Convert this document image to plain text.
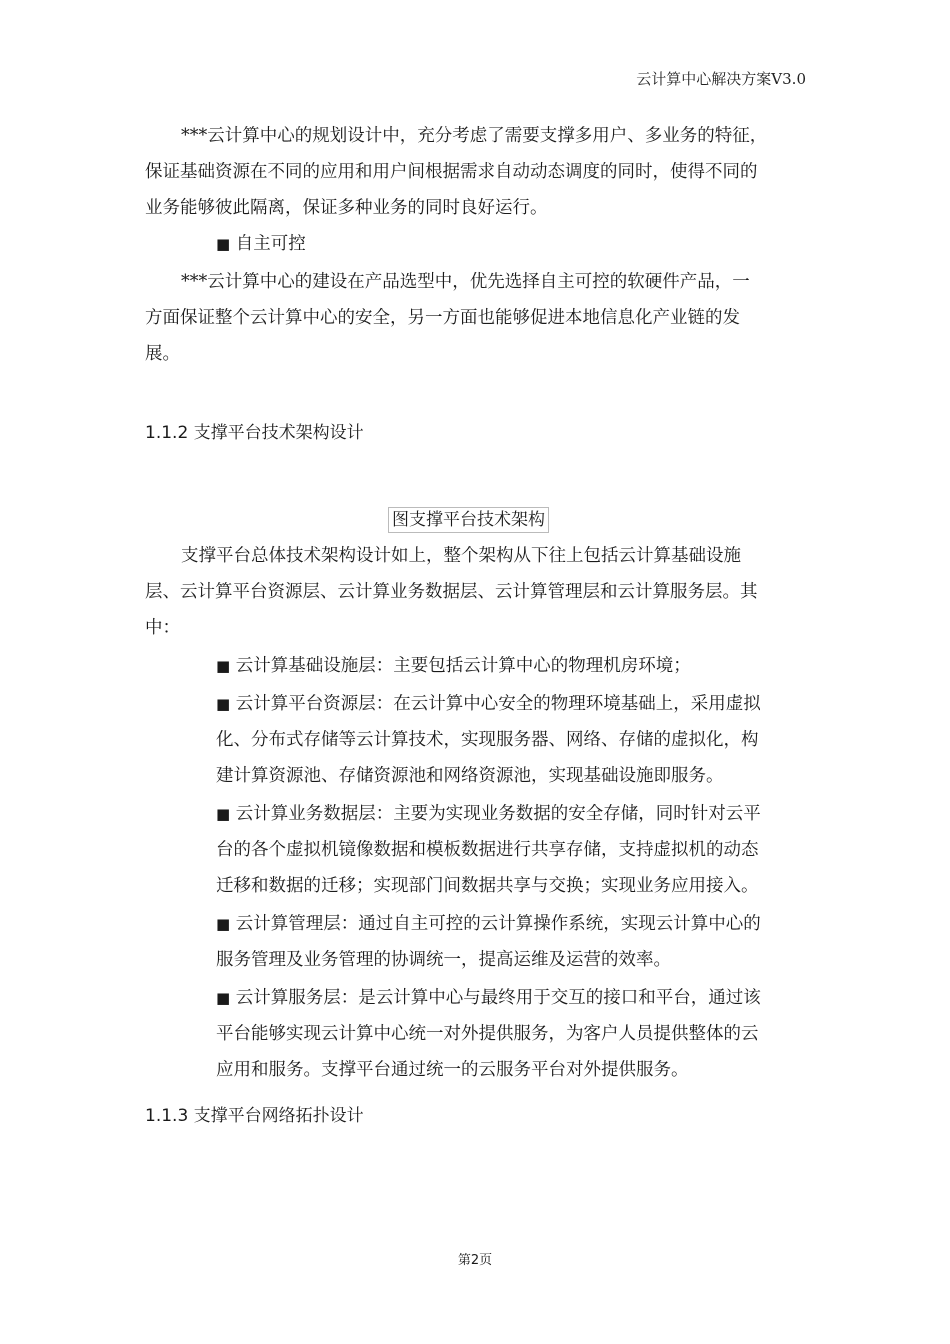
云计算中心解决方案V3.0
***云计算中心的规划设计中，充分考虑了需要支撑多用户、多业务的特征，
保证基础资源在不同的应用和用户间根据需求自动动态调度的同时，使得不同的
业务能够彼此隔离，保证多种业务的同时良好运行。
■ 自主可控
***云计算中心的建设在产品选型中，优先选择自主可控的软硬件产品，一
方面保证整个云计算中心的安全，另一方面也能够促进本地信息化产业链的发
展。
1.1.2 支撑平台技术架构设计
图支撑平台技术架构
支撑平台总体技术架构设计如上，整个架构从下往上包括云计算基础设施
层、云计算平台资源层、云计算业务数据层、云计算管理层和云计算服务层。其
中：
■ 云计算基础设施层：主要包括云计算中心的物理机房环境；
■ 云计算平台资源层：在云计算中心安全的物理环境基础上，采用虚拟
化、分布式存储等云计算技术，实现服务器、网络、存储的虚拟化，构
建计算资源池、存储资源池和网络资源池，实现基础设施即服务。
■ 云计算业务数据层：主要为实现业务数据的安全存储，同时针对云平
台的各个虚拟机镜像数据和模板数据进行共享存储，支持虚拟机的动态
迁移和数据的迁移；实现部门间数据共享与交换；实现业务应用接入。
■ 云计算管理层：通过自主可控的云计算操作系统，实现云计算中心的
服务管理及业务管理的协调统一，提高运维及运营的效率。
■ 云计算服务层：是云计算中心与最终用于交互的接口和平台，通过该
平台能够实现云计算中心统一对外提供服务，为客户人员提供整体的云
应用和服务。支撑平台通过统一的云服务平台对外提供服务。
1.1.3 支撑平台网络拓扑设计
第2页
